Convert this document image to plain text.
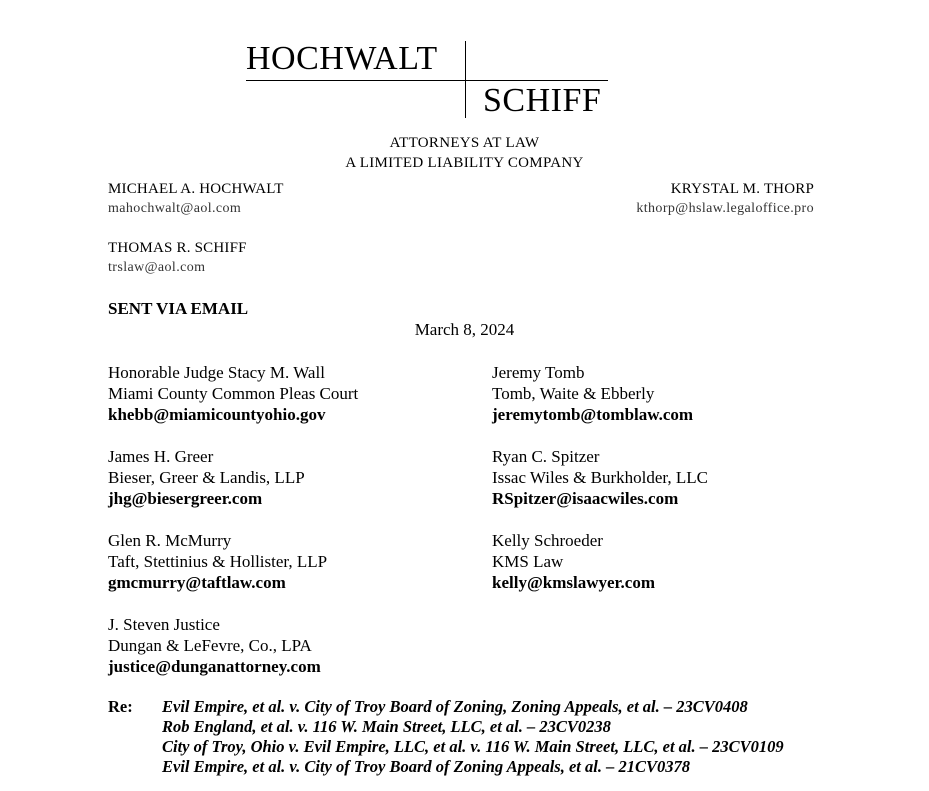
HOCHWALT
SCHIFF
ATTORNEYS AT LAW
A LIMITED LIABILITY COMPANY
MICHAEL A. HOCHWALT
mahochwalt@aol.com
KRYSTAL M. THORP
kthorp@hslaw.legaloffice.pro
THOMAS R. SCHIFF
trslaw@aol.com
SENT VIA EMAIL
March 8, 2024
Honorable Judge Stacy M. Wall
Miami County Common Pleas Court
khebb@miamicountyohio.gov
Jeremy Tomb
Tomb, Waite & Ebberly
jeremytomb@tomblaw.com
James H. Greer
Bieser, Greer & Landis, LLP
jhg@biesergreer.com
Ryan C. Spitzer
Issac Wiles & Burkholder, LLC
RSpitzer@isaacwiles.com
Glen R. McMurry
Taft, Stettinius & Hollister, LLP
gmcmurry@taftlaw.com
Kelly Schroeder
KMS Law
kelly@kmslawyer.com
J. Steven Justice
Dungan & LeFevre, Co., LPA
justice@dunganattorney.com
Re: Evil Empire, et al. v. City of Troy Board of Zoning, Zoning Appeals, et al. – 23CV0408
Rob England, et al. v. 116 W. Main Street, LLC, et al. – 23CV0238
City of Troy, Ohio v. Evil Empire, LLC, et al. v. 116 W. Main Street, LLC, et al. – 23CV0109
Evil Empire, et al. v. City of Troy Board of Zoning Appeals, et al. – 21CV0378
